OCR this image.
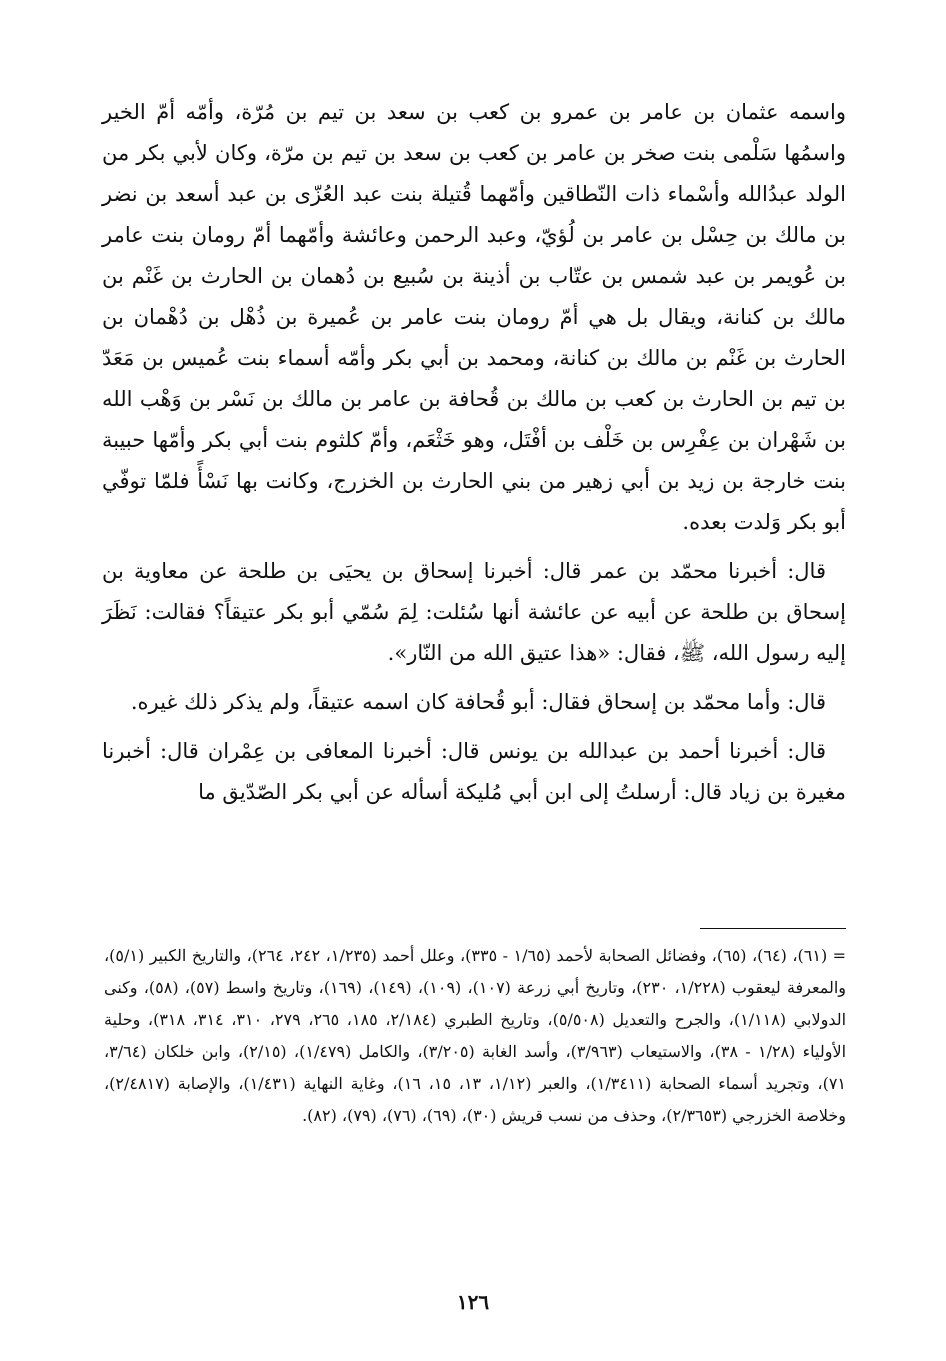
واسمه عثمان بن عامر بن عمرو بن كعب بن سعد بن تيم بن مُرّة، وأمّه أمّ الخير واسمُها سَلْمى بنت صخر بن عامر بن كعب بن سعد بن تيم بن مرّة، وكان لأبي بكر من الولد عبدُالله وأسْماء ذات النّطاقين وأمّهما قُتيلة بنت عبد العُزّى بن عبد أسعد بن نضر بن مالك بن حِسْل بن عامر بن لُؤيّ، وعبد الرحمن وعائشة وأمّهما أمّ رومان بنت عامر بن عُويمر بن عبد شمس بن عتّاب بن أذينة بن سُبيع بن دُهمان بن الحارث بن غَنْم بن مالك بن كنانة، ويقال بل هي أمّ رومان بنت عامر بن عُميرة بن ذُهْل بن دُهْمان بن الحارث بن غَنْم بن مالك بن كنانة، ومحمد بن أبي بكر وأمّه أسماء بنت عُميس بن مَعَدّ بن تيم بن الحارث بن كعب بن مالك بن قُحافة بن عامر بن مالك بن نَسْر بن وَهْب الله بن شَهْران بن عِفْرِس بن خَلْف بن أفْتَل، وهو خَثْعَم، وأمّ كلثوم بنت أبي بكر وأمّها حبيبة بنت خارجة بن زيد بن أبي زهير من بني الحارث بن الخزرج، وكانت بها نَسْأً فلمّا توفّي أبو بكر وَلدت بعده.

قال: أخبرنا محمّد بن عمر قال: أخبرنا إسحاق بن يحيَى بن طلحة عن معاوية بن إسحاق بن طلحة عن أبيه عن عائشة أنها سُئلت: لِمَ سُمّي أبو بكر عتيقاً؟ فقالت: نَظَرَ إليه رسول الله، ﷺ، فقال: «هذا عتيق الله من النّار».

قال: وأما محمّد بن إسحاق فقال: أبو قُحافة كان اسمه عتيقاً، ولم يذكر ذلك غيره.

قال: أخبرنا أحمد بن عبدالله بن يونس قال: أخبرنا المعافى بن عِمْران قال: أخبرنا مغيرة بن زياد قال: أرسلتُ إلى ابن أبي مُليكة أسأله عن أبي بكر الصّدّيق ما

= (٦١)، (٦٤)، (٦٥)، وفضائل الصحابة لأحمد (١/٦٥ - ٣٣٥)، وعلل أحمد (١/٢٣٥، ٢٤٢، ٢٦٤)، والتاريخ الكبير (٥/١)، والمعرفة ليعقوب (١/٢٢٨، ٢٣٠)، وتاريخ أبي زرعة (١٠٧)، (١٠٩)، (١٤٩)، (١٦٩)، وتاريخ واسط (٥٧)، (٥٨)، وكنى الدولابي (١/١١٨)، والجرح والتعديل (٥/٥٠٨)، وتاريخ الطبري (٢/١٨٤، ١٨٥، ٢٦٥، ٢٧٩، ٣١٠، ٣١٤، ٣١٨)، وحلية الأولياء (١/٢٨ - ٣٨)، والاستيعاب (٣/٩٦٣)، وأسد الغابة (٣/٢٠٥)، والكامل (١/٤٧٩)، (٢/١٥)، وابن خلكان (٣/٦٤، ٧١)، وتجريد أسماء الصحابة (١/٣٤١١)، والعبر (١/١٢، ١٣، ١٥، ١٦)، وغاية النهاية (١/٤٣١)، والإصابة (٢/٤٨١٧)، وخلاصة الخزرجي (٢/٣٦٥٣)، وحذف من نسب قريش (٣٠)، (٦٩)، (٧٦)، (٧٩)، (٨٢).

١٢٦
